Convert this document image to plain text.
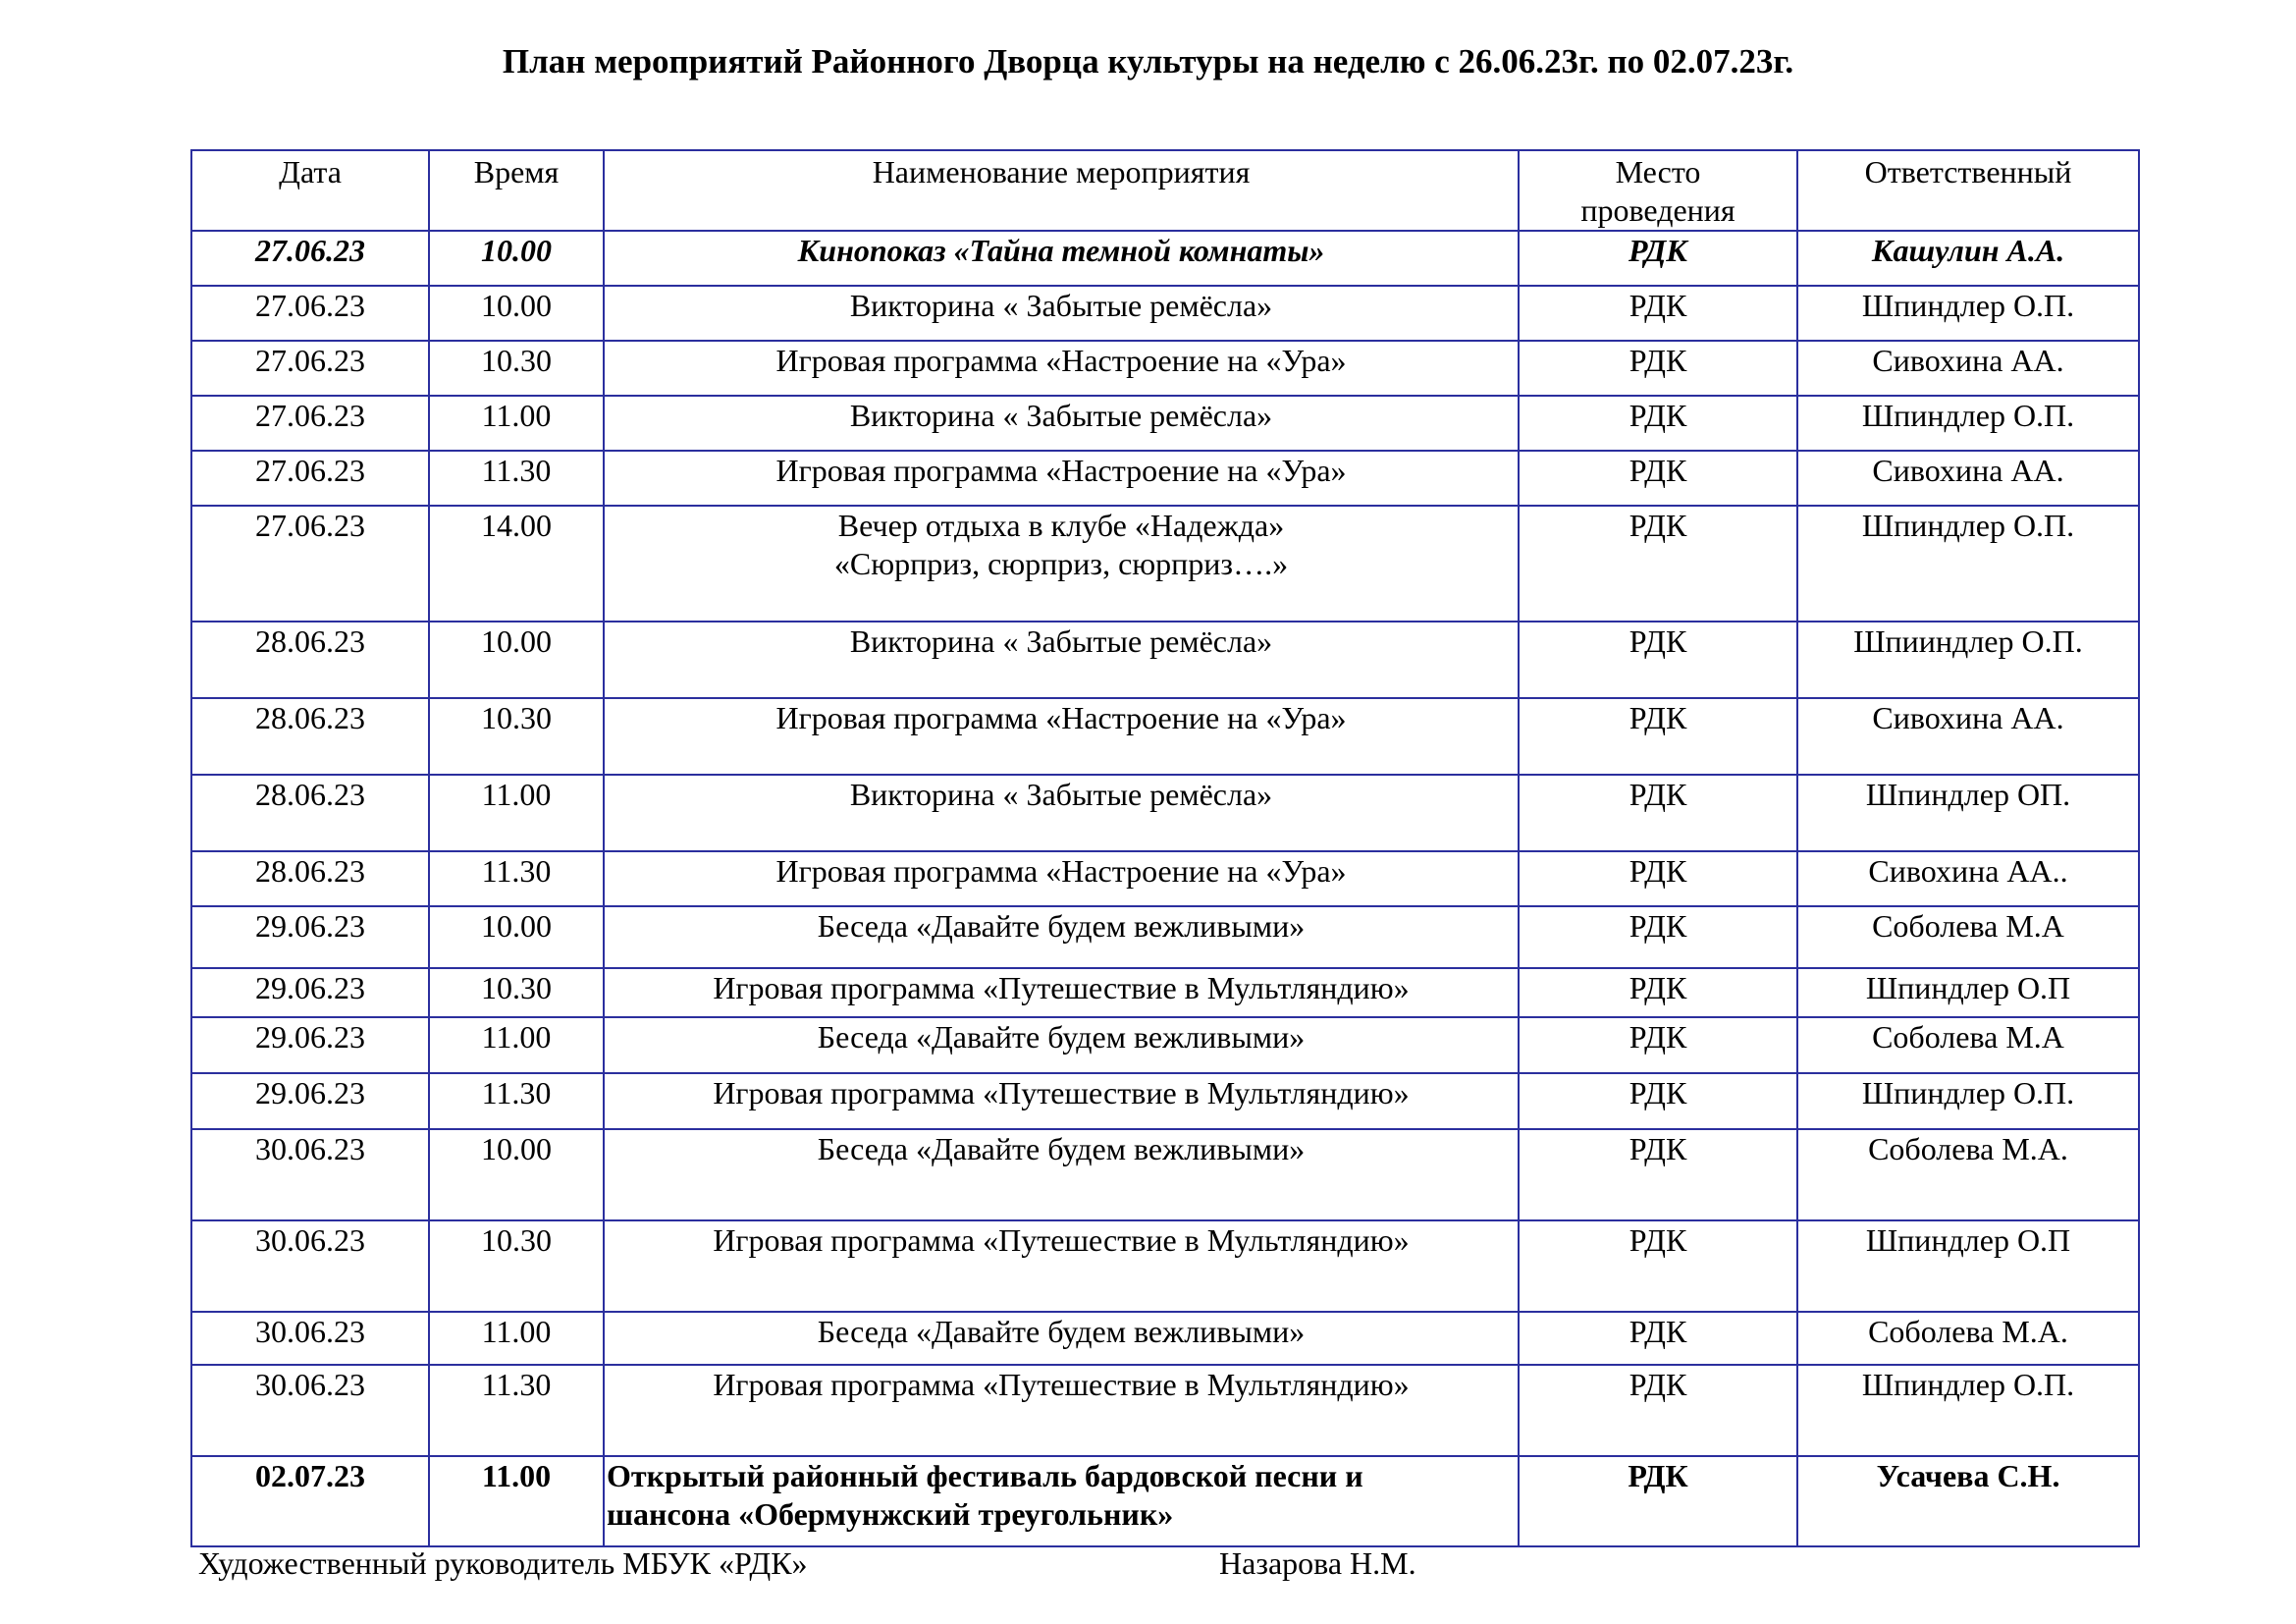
План мероприятий Районного Дворца культуры на неделю с 26.06.23г. по 02.07.23г.
Дата	Время	Наименование мероприятия	Место проведения	Ответственный
27.06.23	10.00	Кинопоказ «Тайна темной комнаты»	РДК	Кашулин А.А.
27.06.23	10.00	Викторина « Забытые ремёсла»	РДК	Шпиндлер О.П.
27.06.23	10.30	Игровая программа «Настроение на «Ура»	РДК	Сивохина АА.
27.06.23	11.00	Викторина « Забытые ремёсла»	РДК	Шпиндлер О.П.
27.06.23	11.30	Игровая программа «Настроение на «Ура»	РДК	Сивохина АА.
27.06.23	14.00	Вечер отдыха в клубе «Надежда»
«Сюрприз, сюрприз, сюрприз….»	РДК	Шпиндлер О.П.
28.06.23	10.00	Викторина « Забытые ремёсла»	РДК	Шпииндлер О.П.
28.06.23	10.30	Игровая программа «Настроение на «Ура»	РДК	Сивохина АА.
28.06.23	11.00	Викторина « Забытые ремёсла»	РДК	Шпиндлер ОП.
28.06.23	11.30	Игровая программа «Настроение на «Ура»	РДК	Сивохина АА..
29.06.23	10.00	Беседа «Давайте будем вежливыми»	РДК	Соболева М.А
29.06.23	10.30	Игровая программа «Путешествие в Мультляндию»	РДК	Шпиндлер О.П
29.06.23	11.00	Беседа «Давайте будем вежливыми»	РДК	Соболева М.А
29.06.23	11.30	Игровая программа «Путешествие в Мультляндию»	РДК	Шпиндлер О.П.
30.06.23	10.00	Беседа «Давайте будем вежливыми»	РДК	Соболева М.А.
30.06.23	10.30	Игровая программа «Путешествие в Мультляндию»	РДК	Шпиндлер О.П
30.06.23	11.00	Беседа «Давайте будем вежливыми»	РДК	Соболева М.А.
30.06.23	11.30	Игровая программа «Путешествие в Мультляндию»	РДК	Шпиндлер О.П.
02.07.23	11.00	Открытый районный фестиваль бардовской песни и
шансона «Обермунжский треугольник»	РДК	Усачева С.Н.
Художественный руководитель МБУК «РДК»	Назарова Н.М.
